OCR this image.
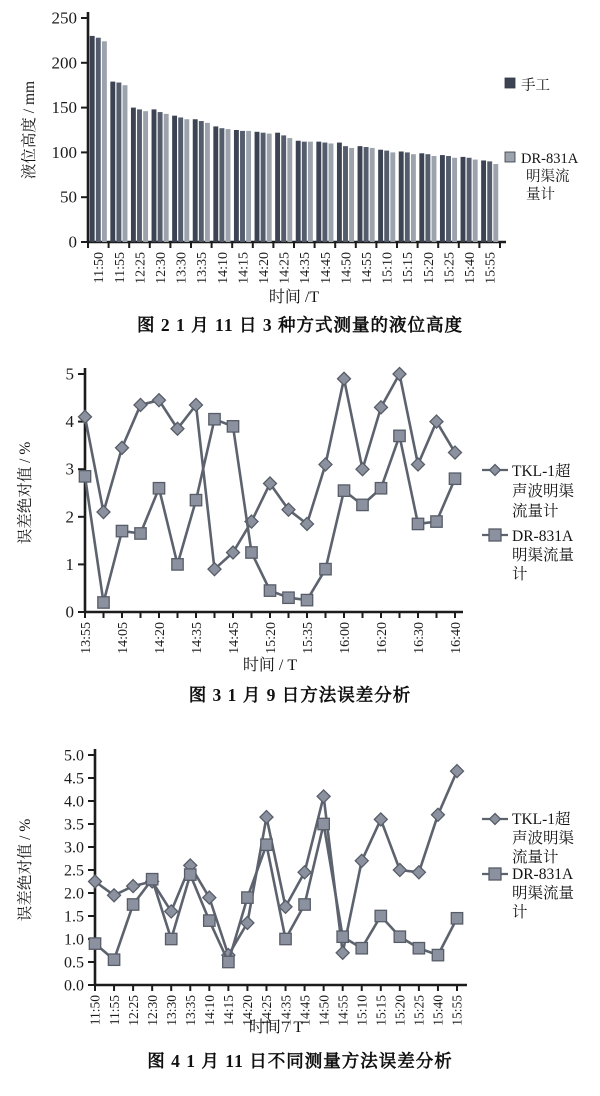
0
50
100
150
200
250
液位高度 / mm
11:50 11:55 12:25 12:30 13:30 13:35 14:10 14:15 14:20 14:25 14:35 14:45 14:50 14:55 15:10 15:15 15:20 15:25 15:40 15:55
时间 /T
手工
DR-831A
明渠流
量计
图 2 1 月 11 日 3 种方式测量的液位高度
0
1
2
3
4
5
误差绝对值 / %
13:55 14:05 14:20 14:35 14:45 15:20 15:35 16:00 16:20 16:30 16:40
时间 / T
TKL-1超
声波明渠
流量计
DR-831A
明渠流量
计
图 3 1 月 9 日方法误差分析
0.0
0.5
1.0
1.5
2.0
2.5
3.0
3.5
4.0
4.5
5.0
误差绝对值 / %
11:50 11:55 12:25 12:30 13:30 13:35 14:10 14:15 14:20 14:25 14:35 14:45 14:50 14:55 15:10 15:15 15:20 15:25 15:40 15:55
时间 / T
TKL-1超
声波明渠
流量计
DR-831A
明渠流量
计
图 4 1 月 11 日不同测量方法误差分析
